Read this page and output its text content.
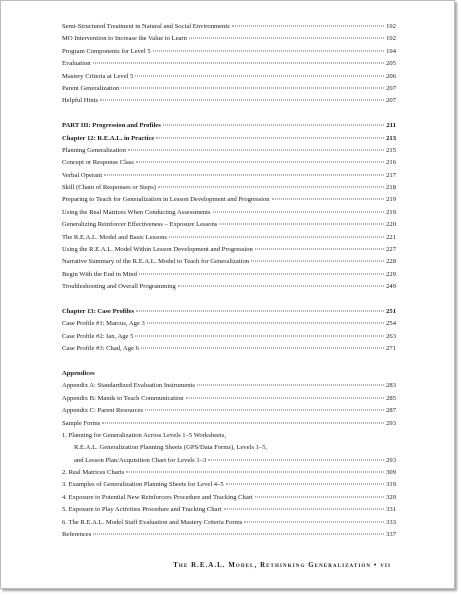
Semi-Structured Treatment in Natural and Social Environments	192
MO Intervention to Increase the Value to Learn	192
Program Components for Level 5	194
Evaluation	205
Mastery Criteria at Level 5	206
Parent Generalization	207
Helpful Hints	207
PART III: Progression and Profiles	211
Chapter 12: R.E.A.L. in Practice	213
Planning Generalization	215
Concept or Response Class	216
Verbal Operant	217
Skill (Chain of Responses or Steps)	218
Preparing to Teach for Generalization in Lesson Development and Progression	219
Using the Real Matrices When Conducting Assessments	219
Generalizing Reinforcer Effectiveness – Exposure Lessons	220
The R.E.A.L. Model and Basic Lessons	221
Using the R.E.A.L. Model Within Lesson Development and Progression	227
Narrative Summary of the R.E.A.L. Model to Teach for Generalization	228
Begin With the End in Mind	229
Troubleshooting and Overall Programming	249
Chapter 13: Case Profiles	251
Case Profile #1: Marcus, Age 3	254
Case Profile #2: Ian, Age 5	263
Case Profile #3: Chad, Age 6	271
Appendices
Appendix A: Standardized Evaluation Instruments	283
Appendix B: Mands to Teach Communication	285
Appendix C: Parent Resources	287
Sample Forms	293
1. Planning for Generalization Across Levels 1–5 Worksheets,
R.E.A.L. Generalization Planning Sheets (GPS/Data Forms), Levels 1–5,
and Lesson Plan/Acquisition Chart for Levels 1–3	293
2. Real Matrices Charts	309
3. Examples of Generalization Planning Sheets for Level 4–5	319
4. Exposure to Potential New Reinforcers Procedure and Tracking Chart	329
5. Exposure to Play Activities Procedure and Tracking Chart	331
6. The R.E.A.L. Model Staff Evaluation and Mastery Criteria Forms	333
References	337
The R.E.A.L. Model, Rethinking Generalization • vii
